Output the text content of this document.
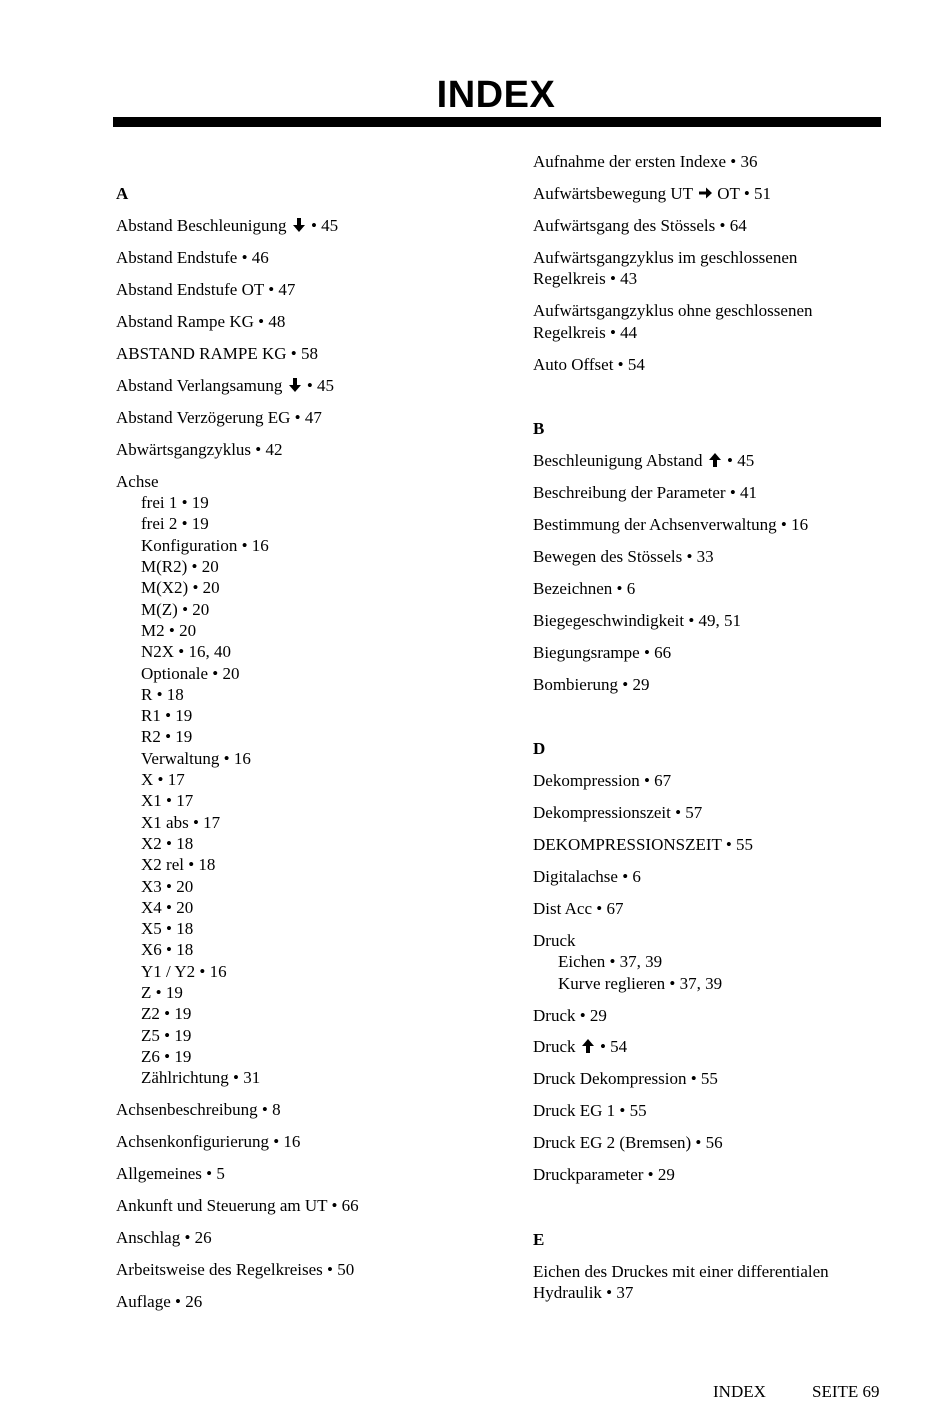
INDEX
A
Abstand Beschleunigung
• 45
Abstand Endstufe • 46
Abstand Endstufe OT • 47
Abstand Rampe KG • 48
ABSTAND RAMPE KG • 58
Abstand Verlangsamung
• 45
Abstand Verzögerung EG • 47
Abwärtsgangzyklus • 42
Achse
frei 1 • 19
frei 2 • 19
Konfiguration • 16
M(R2) • 20
M(X2) • 20
M(Z) • 20
M2 • 20
N2X • 16, 40
Optionale • 20
R • 18
R1 • 19
R2 • 19
Verwaltung • 16
X • 17
X1 • 17
X1 abs • 17
X2 • 18
X2 rel • 18
X3 • 20
X4 • 20
X5 • 18
X6 • 18
Y1 / Y2 • 16
Z • 19
Z2 • 19
Z5 • 19
Z6 • 19
Zählrichtung • 31
Achsenbeschreibung • 8
Achsenkonfigurierung • 16
Allgemeines • 5
Ankunft und Steuerung am UT • 66
Anschlag • 26
Arbeitsweise des Regelkreises • 50
Auflage • 26
Aufnahme der ersten Indexe • 36
Aufwärtsbewegung UT
OT • 51
Aufwärtsgang des Stössels • 64
Aufwärtsgangzyklus im geschlossenen
Regelkreis • 43
Aufwärtsgangzyklus ohne geschlossenen
Regelkreis • 44
Auto Offset • 54
B
Beschleunigung Abstand
• 45
Beschreibung der Parameter • 41
Bestimmung der Achsenverwaltung • 16
Bewegen des Stössels • 33
Bezeichnen • 6
Biegegeschwindigkeit • 49, 51
Biegungsrampe • 66
Bombierung • 29
D
Dekompression • 67
Dekompressionszeit • 57
DEKOMPRESSIONSZEIT • 55
Digitalachse • 6
Dist Acc • 67
Druck
Eichen • 37, 39
Kurve reglieren • 37, 39
Druck • 29
Druck
• 54
Druck Dekompression • 55
Druck EG 1 • 55
Druck EG 2 (Bremsen) • 56
Druckparameter • 29
E
Eichen des Druckes mit einer differentialen
Hydraulik • 37
INDEX	SEITE 69
